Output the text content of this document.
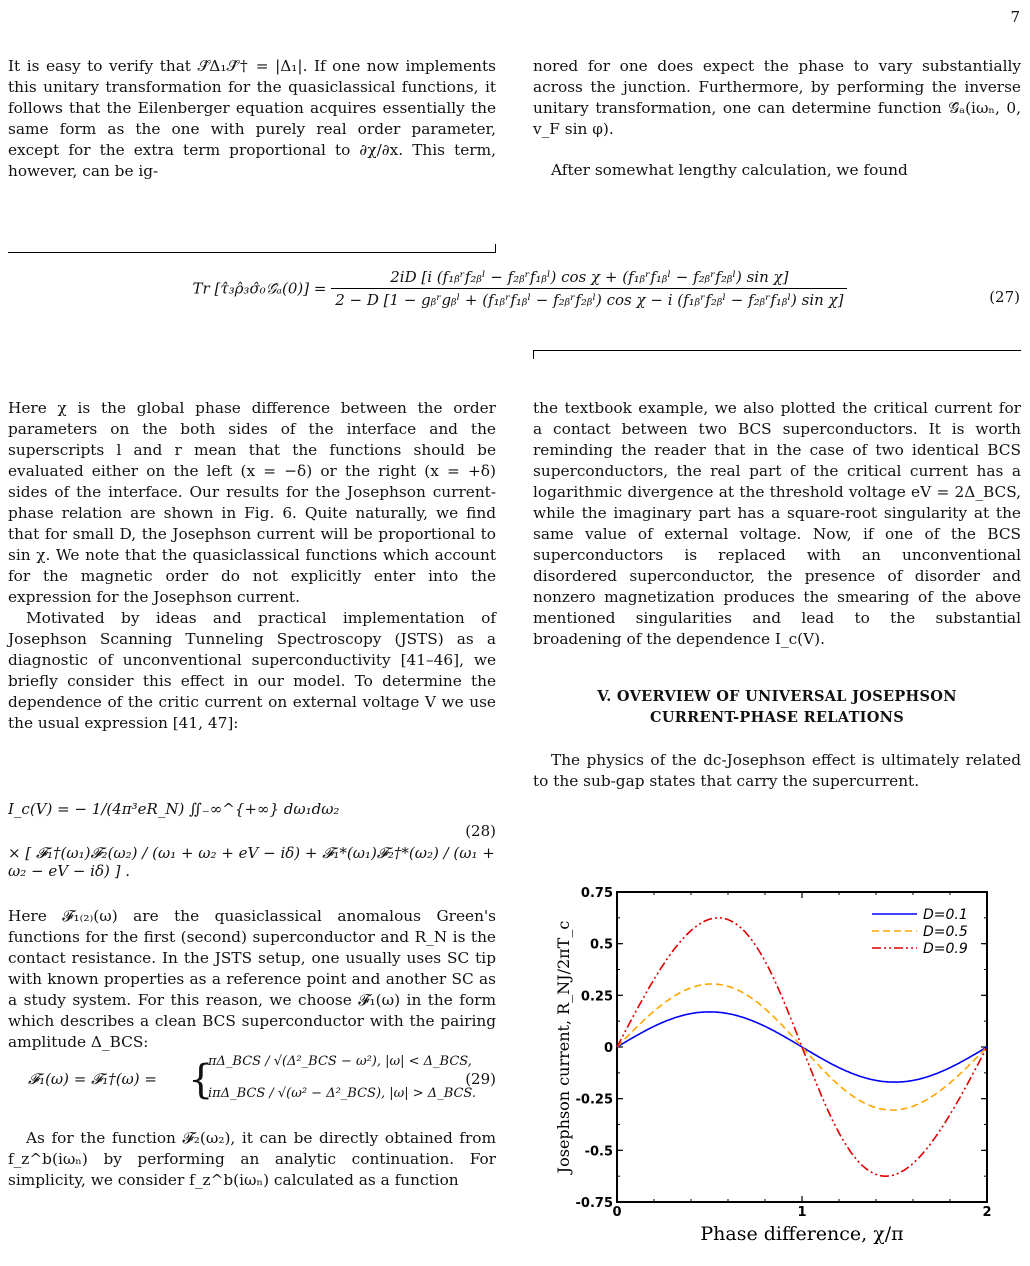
7

It is easy to verify that 𝒮̂Δ₁𝒮̂† = |Δ₁|. If one now implements this unitary transformation for the quasiclassical functions, it follows that the Eilenberger equation acquires essentially the same form as the one with purely real order parameter, except for the extra term proportional to ∂χ/∂x. This term, however, can be ig-

nored for one does expect the phase to vary substantially across the junction. Furthermore, by performing the inverse unitary transformation, one can determine function 𝒢̂ₐ(iωₙ, 0, v_F sin φ).

After somewhat lengthy calculation, we found

Tr [τ̂₃ρ̂₃σ̂₀𝒢̂ₐ(0)] =
2iD [i (f₁ᵦʳf₂ᵦˡ − f₂ᵦʳf₁ᵦˡ) cos χ + (f₁ᵦʳf₁ᵦˡ − f₂ᵦʳf₂ᵦˡ) sin χ]
2 − D [1 − gᵦʳgᵦˡ + (f₁ᵦʳf₁ᵦˡ − f₂ᵦʳf₂ᵦˡ) cos χ − i (f₁ᵦʳf₂ᵦˡ − f₂ᵦʳf₁ᵦˡ) sin χ]	(27)

Here χ is the global phase difference between the order parameters on the both sides of the interface and the superscripts l and r mean that the functions should be evaluated either on the left (x = −δ) or the right (x = +δ) sides of the interface. Our results for the Josephson current-phase relation are shown in Fig. 6. Quite naturally, we find that for small D, the Josephson current will be proportional to sin χ. We note that the quasiclassical functions which account for the magnetic order do not explicitly enter into the expression for the Josephson current.

Motivated by ideas and practical implementation of Josephson Scanning Tunneling Spectroscopy (JSTS) as a diagnostic of unconventional superconductivity [41–46], we briefly consider this effect in our model. To determine the dependence of the critic current on external voltage V we use the usual expression [41, 47]:

I_c(V) = − 1/(4π³eR_N) ∬₋∞^{+∞} dω₁dω₂
× [ 𝓕₁†(ω₁)𝓕₂(ω₂) / (ω₁ + ω₂ + eV − iδ) + 𝓕₁*(ω₁)𝓕₂†*(ω₂) / (ω₁ + ω₂ − eV − iδ) ] .
(28)

Here 𝓕₁₍₂₎(ω) are the quasiclassical anomalous Green's functions for the first (second) superconductor and R_N is the contact resistance. In the JSTS setup, one usually uses SC tip with known properties as a reference point and another SC as a study system. For this reason, we choose 𝓕₁(ω) in the form which describes a clean BCS superconductor with the pairing amplitude Δ_BCS:

𝓕₁(ω) = 𝓕₁†(ω) = {
πΔ_BCS / √(Δ²_BCS − ω²), |ω| < Δ_BCS,
iπΔ_BCS / √(ω² − Δ²_BCS), |ω| > Δ_BCS.
(29)

As for the function 𝓕₂(ω₂), it can be directly obtained from f_z^b(iωₙ) by performing an analytic continuation. For simplicity, we consider f_z^b(iωₙ) calculated as a function

the textbook example, we also plotted the critical current for a contact between two BCS superconductors. It is worth reminding the reader that in the case of two identical BCS superconductors, the real part of the critical current has a logarithmic divergence at the threshold voltage eV = 2Δ_BCS, while the imaginary part has a square-root singularity at the same value of external voltage. Now, if one of the BCS superconductors is replaced with an unconventional disordered superconductor, the presence of disorder and nonzero magnetization produces the smearing of the above mentioned singularities and lead to the substantial broadening of the dependence I_c(V).

V. OVERVIEW OF UNIVERSAL JOSEPHSON
CURRENT-PHASE RELATIONS

The physics of the dc-Josephson effect is ultimately related to the sub-gap states that carry the supercurrent.

0.75
0.5
0.25
0
-0.25
-0.5
-0.75
0	1	2
Phase difference, χ/π
Josephson current, R_NJ/2πT_c
D=0.1
D=0.5
D=0.9
